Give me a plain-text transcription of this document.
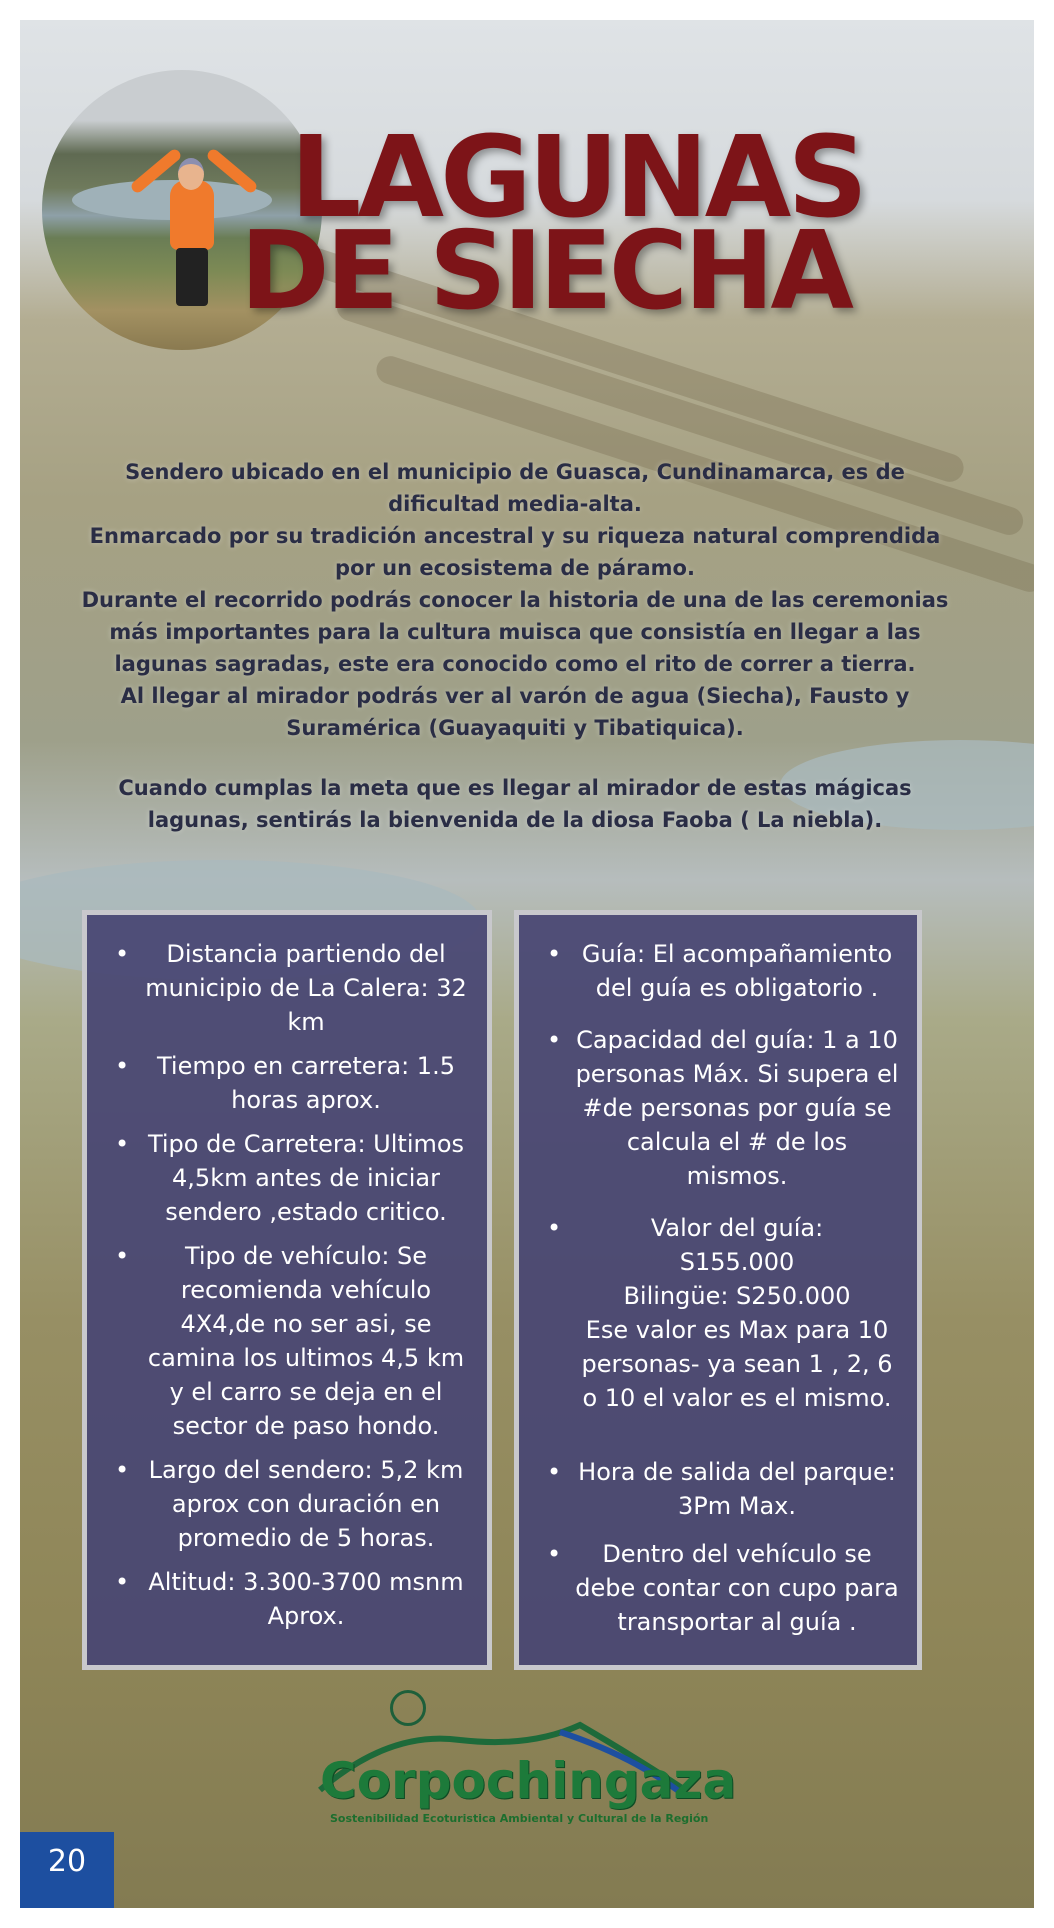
LAGUNAS
DE SIECHA

Sendero ubicado en el municipio de Guasca, Cundinamarca, es de dificultad media-alta.

Enmarcado por su tradición ancestral y su riqueza natural comprendida por un ecosistema de páramo.

Durante el recorrido podrás conocer la historia de una de las ceremonias más importantes para la cultura muisca que consistía en llegar a las lagunas sagradas, este era conocido como el rito de correr a tierra.

Al llegar al mirador podrás ver al varón de agua (Siecha), Fausto y Suramérica (Guayaquiti y Tibatiquica).

Cuando cumplas la meta que es llegar al mirador de estas mágicas lagunas, sentirás la bienvenida de la diosa Faoba ( La niebla).

• Distancia partiendo del municipio de La Calera: 32 km
• Tiempo en carretera: 1.5 horas aprox.
• Tipo de Carretera: Ultimos 4,5km antes de iniciar sendero ,estado critico.
• Tipo de vehículo: Se recomienda vehículo 4X4,de no ser asi, se camina los ultimos 4,5 km y el carro se deja en el sector de paso hondo.
• Largo del sendero: 5,2 km aprox con duración en promedio de 5 horas.
• Altitud: 3.300-3700 msnm Aprox.
• Guía: El acompañamiento del guía es obligatorio .
• Capacidad del guía: 1 a 10 personas Máx. Si supera el #de personas por guía se calcula el # de los mismos.
• Valor del guía:
S155.000
Bilingüe: S250.000
Ese valor es Max para 10 personas- ya sean 1 , 2, 6 o 10 el valor es el mismo.
• Hora de salida del parque: 3Pm Max.
• Dentro del vehículo se debe contar con cupo para transportar al guía .
Corpochingaza
Sostenibilidad Ecoturistica Ambiental y Cultural de la Región
20
